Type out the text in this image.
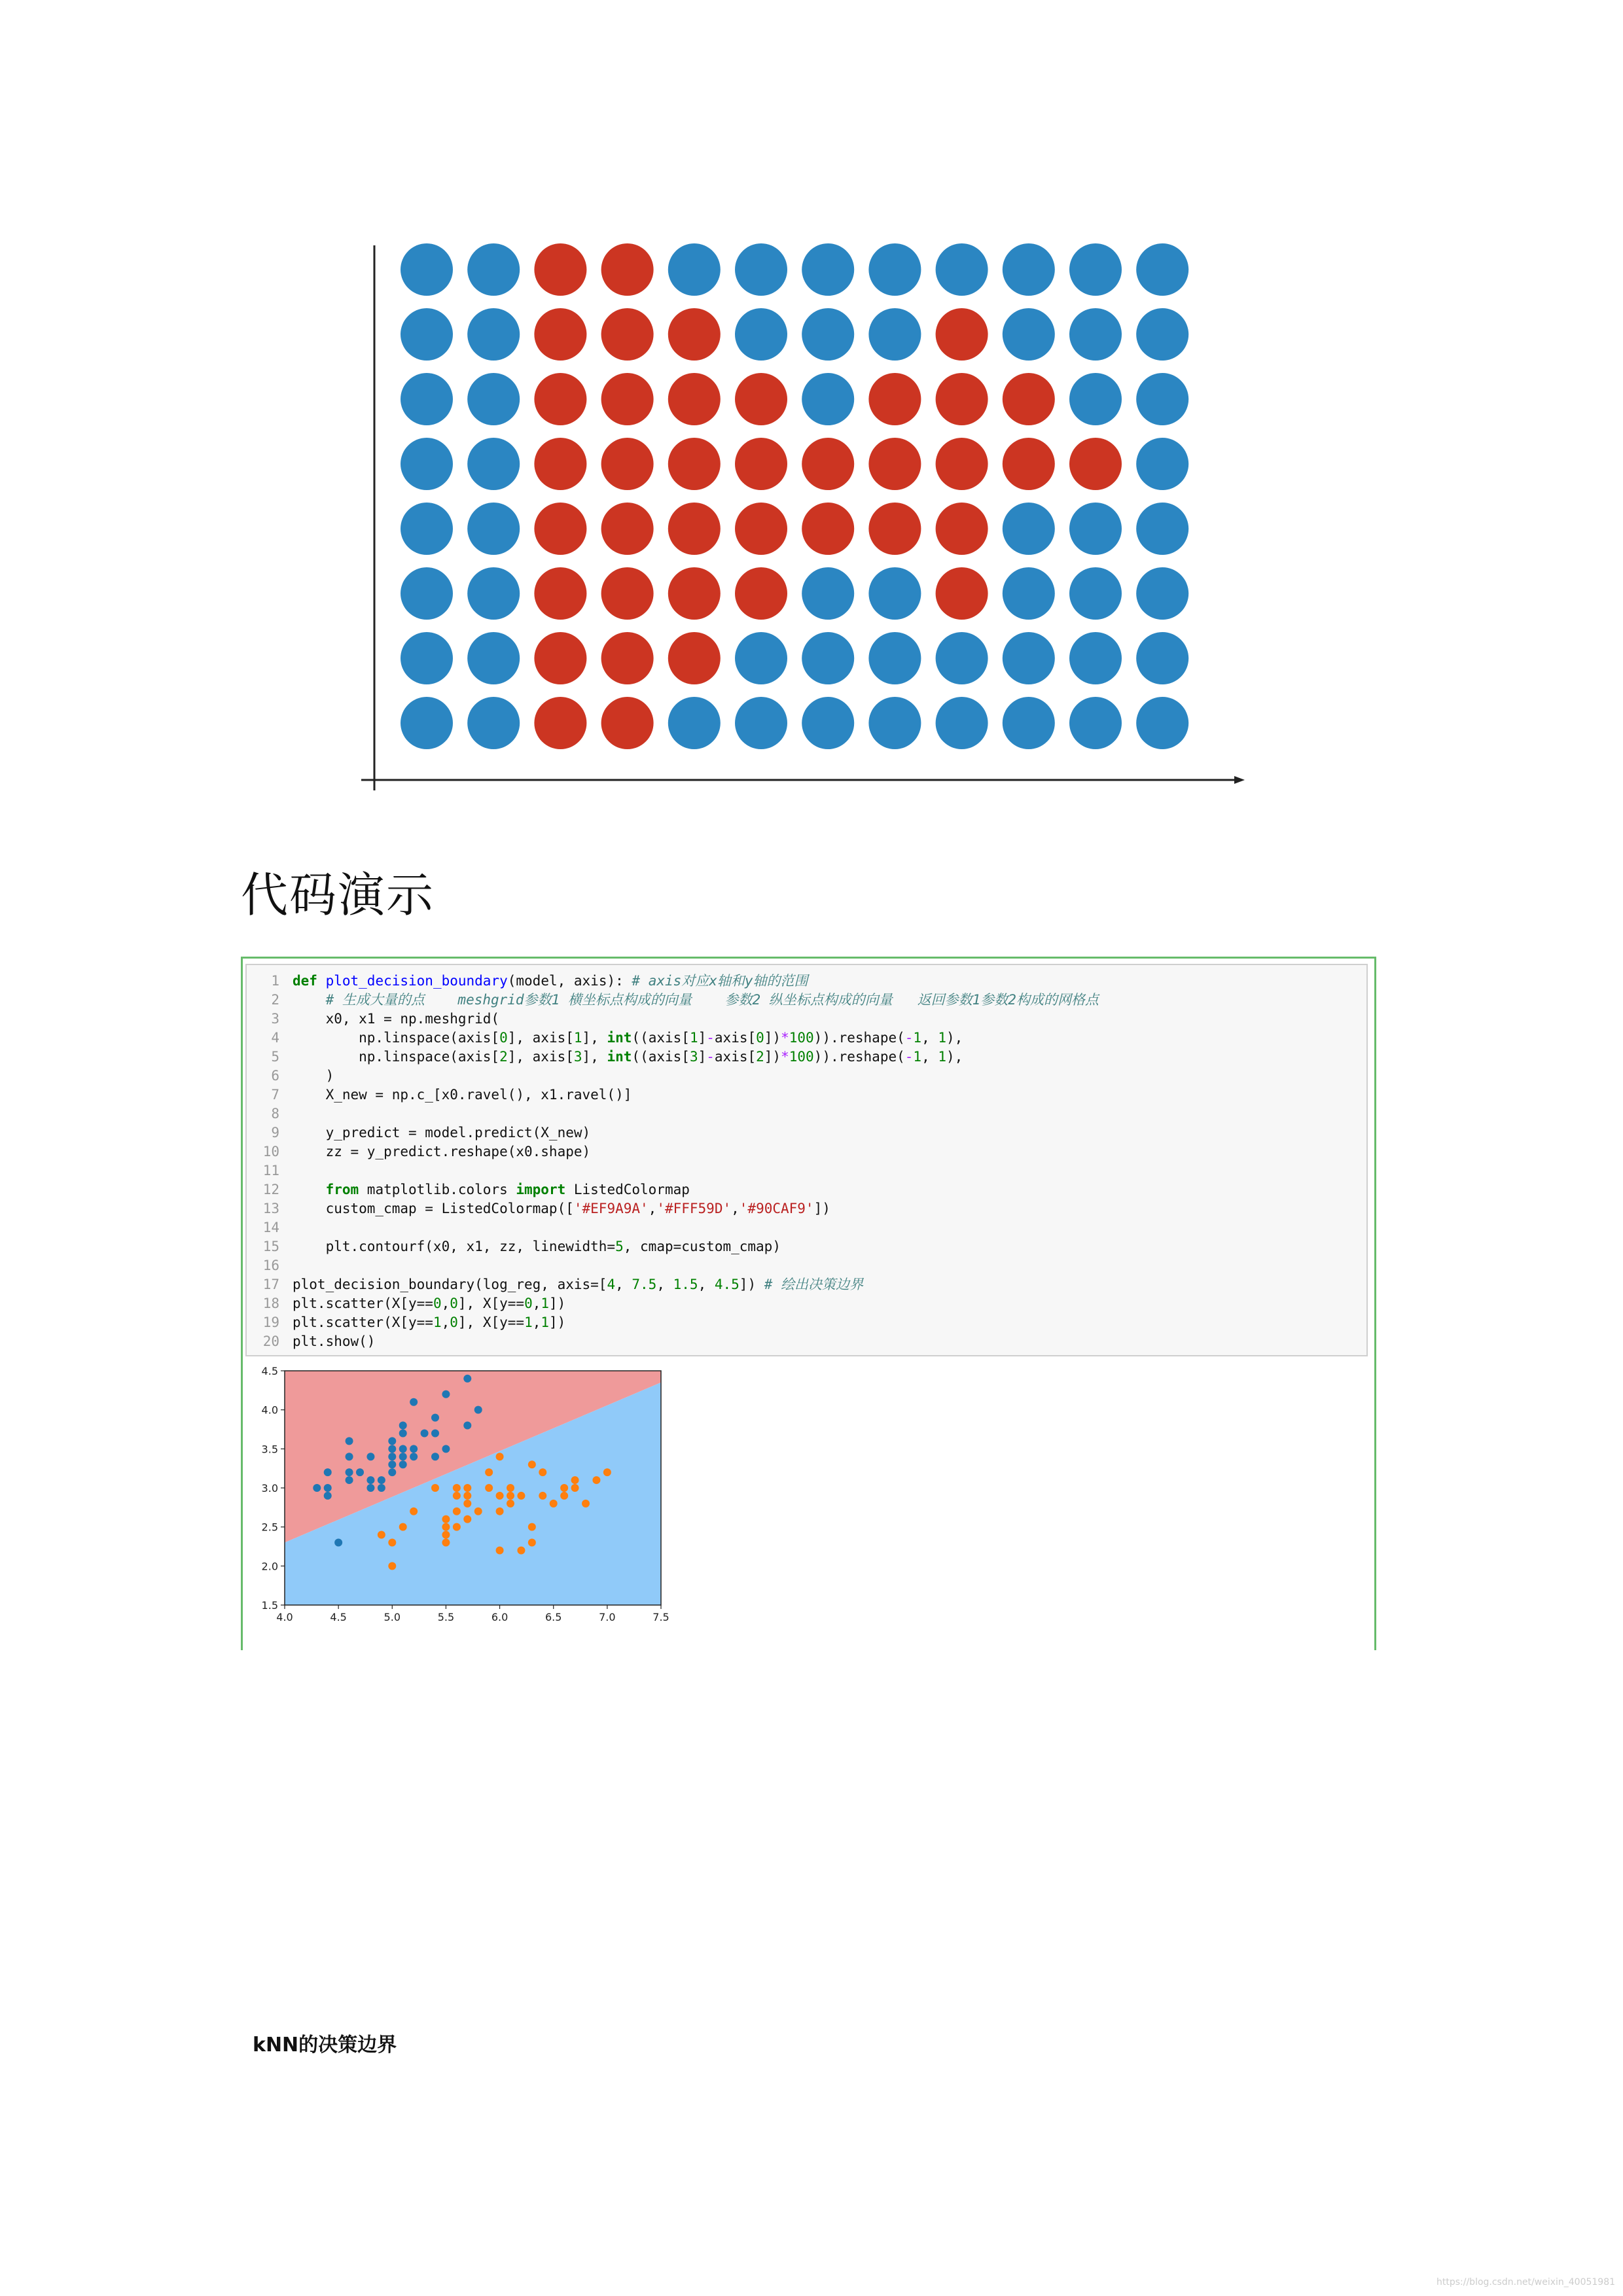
代码演示
1 def plot_decision_boundary(model, axis): # axis对应x轴和y轴的范围
2	# 生成大量的点    meshgrid参数1 横坐标点构成的向量    参数2 纵坐标点构成的向量   返回参数1参数2构成的网格点
3 x0, x1 = np.meshgrid(
4 np.linspace(axis[0], axis[1], int((axis[1]-axis[0])*100)).reshape(-1, 1),
5 np.linspace(axis[2], axis[3], int((axis[3]-axis[2])*100)).reshape(-1, 1),
6 )
7 X_new = np.c_[x0.ravel(), x1.ravel()]
8
9 y_predict = model.predict(X_new)
10 zz = y_predict.reshape(x0.shape)
11
12	from matplotlib.colors import ListedColormap
13 custom_cmap = ListedColormap(['#EF9A9A','#FFF59D','#90CAF9'])
14
15 plt.contourf(x0, x1, zz, linewidth=5, cmap=custom_cmap)
16
17 plot_decision_boundary(log_reg, axis=[4, 7.5, 1.5, 4.5]) # 绘出决策边界
18 plt.scatter(X[y==0,0], X[y==0,1])
19 plt.scatter(X[y==1,0], X[y==1,1])
20 plt.show()
4.0	4.5	5.0	5.5	6.0	6.5	7.0	7.5
1.5
2.0
2.5
3.0
3.5
4.0
4.5
kNN的决策边界
https://blog.csdn.net/weixin_40051981
